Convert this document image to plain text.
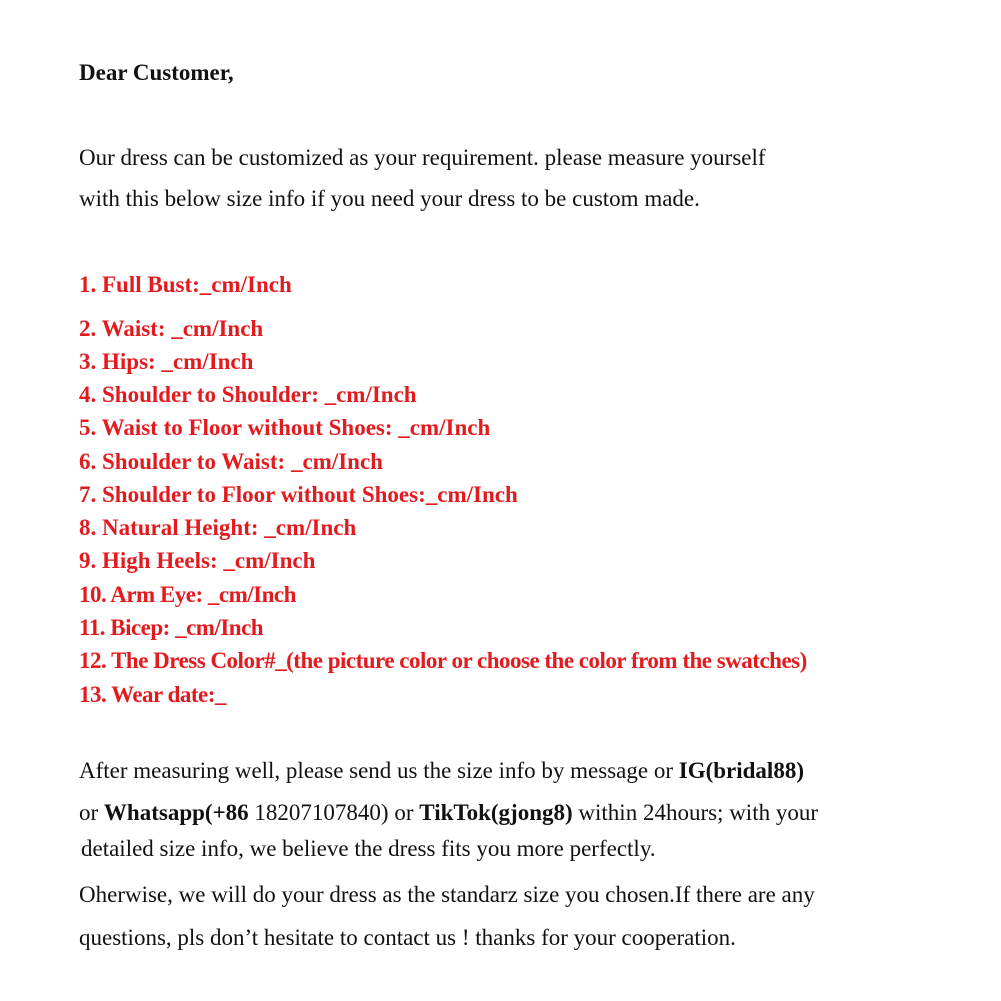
Dear Customer,
Our dress can be customized as your requirement. please measure yourself
with this below size info if you need your dress to be custom made.
1. Full Bust:_cm/Inch
2. Waist: _cm/Inch
3. Hips: _cm/Inch
4. Shoulder to Shoulder: _cm/Inch
5. Waist to Floor without Shoes: _cm/Inch
6. Shoulder to Waist: _cm/Inch
7. Shoulder to Floor without Shoes:_cm/Inch
8. Natural Height: _cm/Inch
9. High Heels: _cm/Inch
10. Arm Eye: _cm/Inch
11. Bicep: _cm/Inch
12. The Dress Color#_(the picture color or choose the color from the swatches)
13. Wear date:_
After measuring well, please send us the size info by message or IG(bridal88)
or Whatsapp(+86 18207107840) or TikTok(gjong8) within 24hours; with your
detailed size info, we believe the dress fits you more perfectly.
Oherwise, we will do your dress as the standarz size you chosen.If there are any
questions, pls don’t hesitate to contact us ! thanks for your cooperation.
